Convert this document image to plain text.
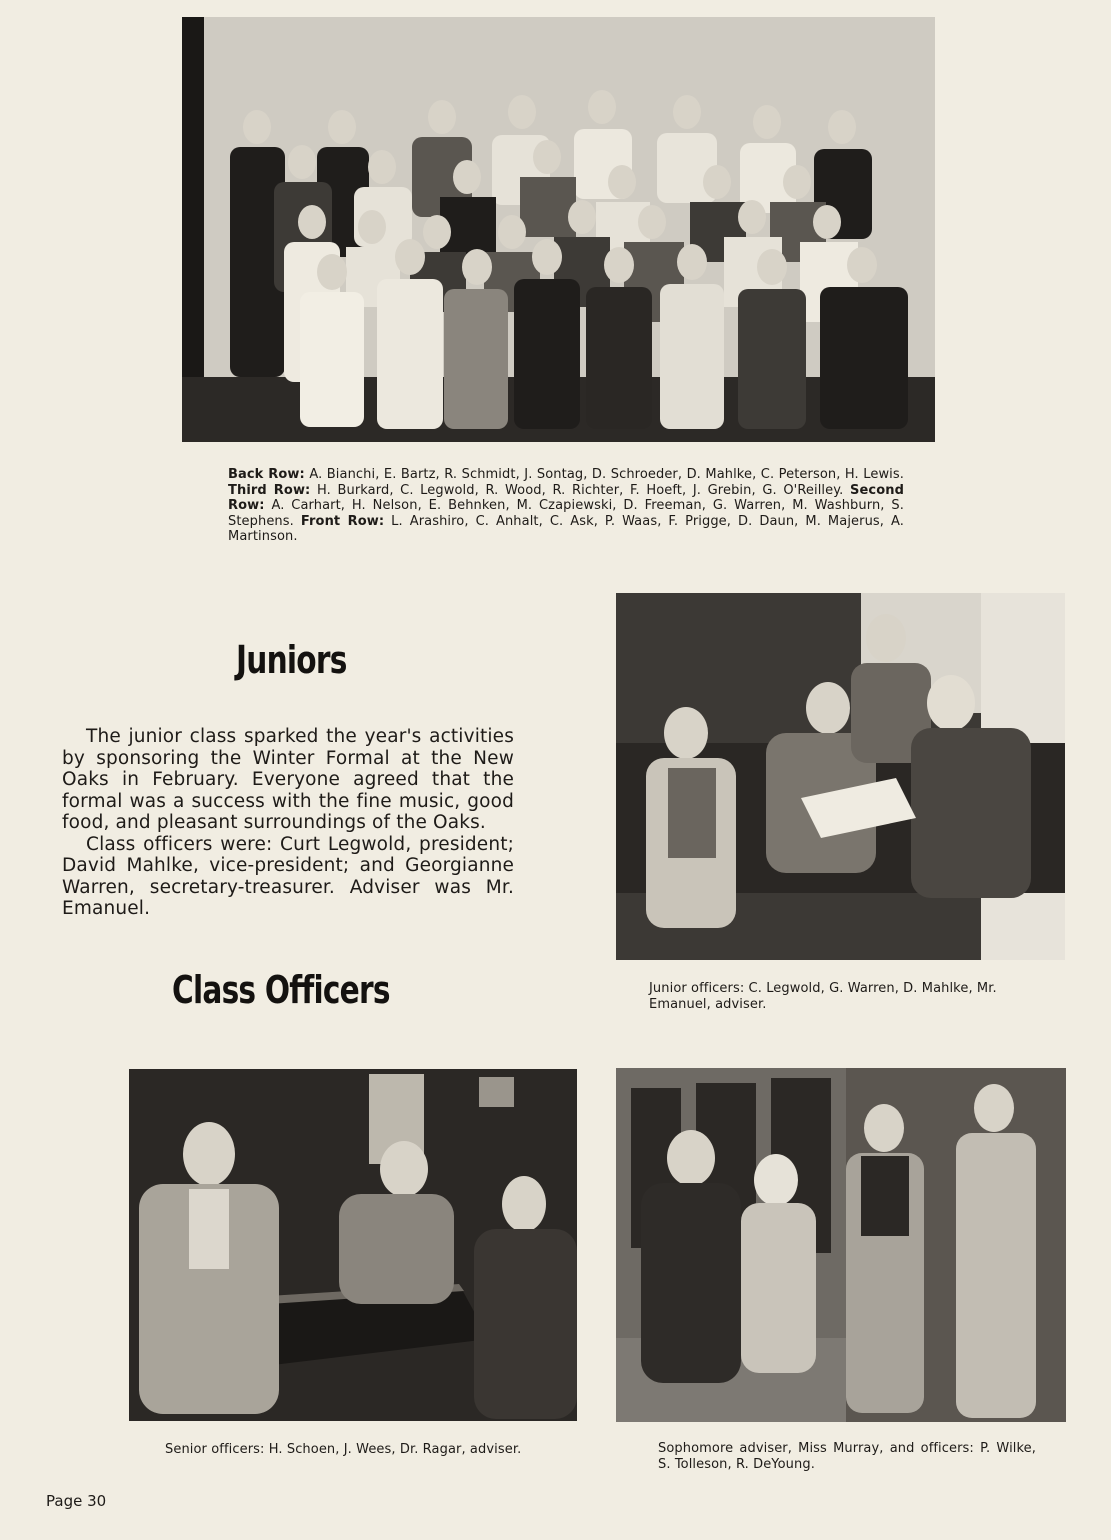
Back Row: A. Bianchi, E. Bartz, R. Schmidt, J. Sontag, D. Schroeder, D. Mahlke, C. Peterson, H. Lewis. Third Row: H. Burkard, C. Legwold, R. Wood, R. Richter, F. Hoeft, J. Grebin, G. O'Reilley. Second Row: A. Carhart, H. Nelson, E. Behnken, M. Czapiewski, D. Freeman, G. Warren, M. Washburn, S. Stephens. Front Row: L. Arashiro, C. Anhalt, C. Ask, P. Waas, F. Prigge, D. Daun, M. Majerus, A. Martinson.
Juniors

The junior class sparked the year's activities by sponsoring the Winter Formal at the New Oaks in February. Everyone agreed that the formal was a success with the fine music, good food, and pleasant surroundings of the Oaks.

Class officers were: Curt Legwold, president; David Mahlke, vice-president; and Georgianne Warren, secretary-treasurer. Adviser was Mr. Emanuel.

Junior officers: C. Legwold, G. Warren, D. Mahlke, Mr. Emanuel, adviser.
Class Officers
Senior officers: H. Schoen, J. Wees, Dr. Ragar, adviser.	Sophomore adviser, Miss Murray, and officers: P. Wilke, S. Tolleson, R. DeYoung.
Page 30
